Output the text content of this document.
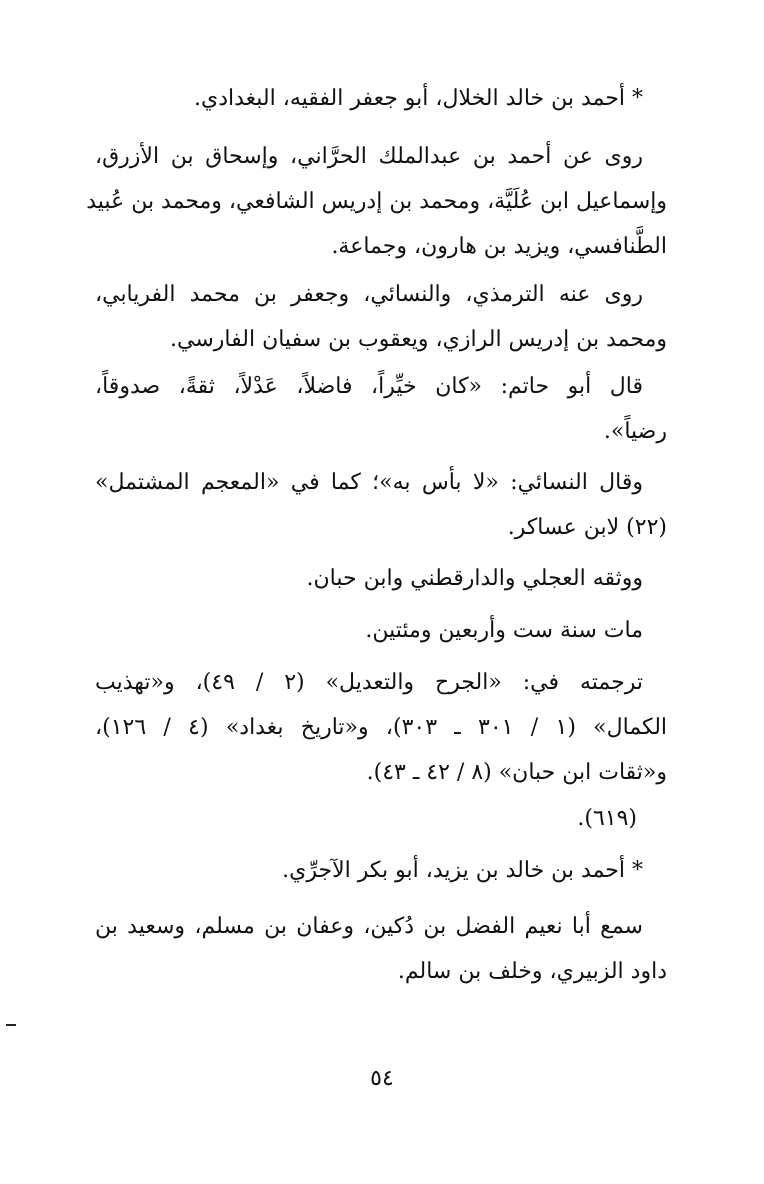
* أحمد بن خالد الخلال، أبو جعفر الفقيه، البغدادي.
روى عن أحمد بن عبدالملك الحرَّاني، وإسحاق بن الأزرق،
وإسماعيل ابن عُلَيَّة، ومحمد بن إدريس الشافعي، ومحمد بن عُبيد
الطَّنافسي، ويزيد بن هارون، وجماعة.
روى عنه الترمذي، والنسائي، وجعفر بن محمد الفريابي،
ومحمد بن إدريس الرازي، ويعقوب بن سفيان الفارسي.
قال أبو حاتم: «كان خيِّراً، فاضلاً، عَدْلاً، ثقةً، صدوقاً،
رضياً».
وقال النسائي: «لا بأس به»؛ كما في «المعجم المشتمل»
(٢٢) لابن عساكر.
ووثقه العجلي والدارقطني وابن حبان.
مات سنة ست وأربعين ومئتين.
ترجمته في: «الجرح والتعديل» (٢ / ٤٩)، و«تهذيب
الكمال» (١ / ٣٠١ ـ ٣٠٣)، و«تاريخ بغداد» (٤ / ١٢٦)،
و«ثقات ابن حبان» (٨ / ٤٢ ـ ٤٣).
(٦١٩).
* أحمد بن خالد بن يزيد، أبو بكر الآجرِّي.
سمع أبا نعيم الفضل بن دُكين، وعفان بن مسلم، وسعيد بن
داود الزبيري، وخلف بن سالم.
٥٤
